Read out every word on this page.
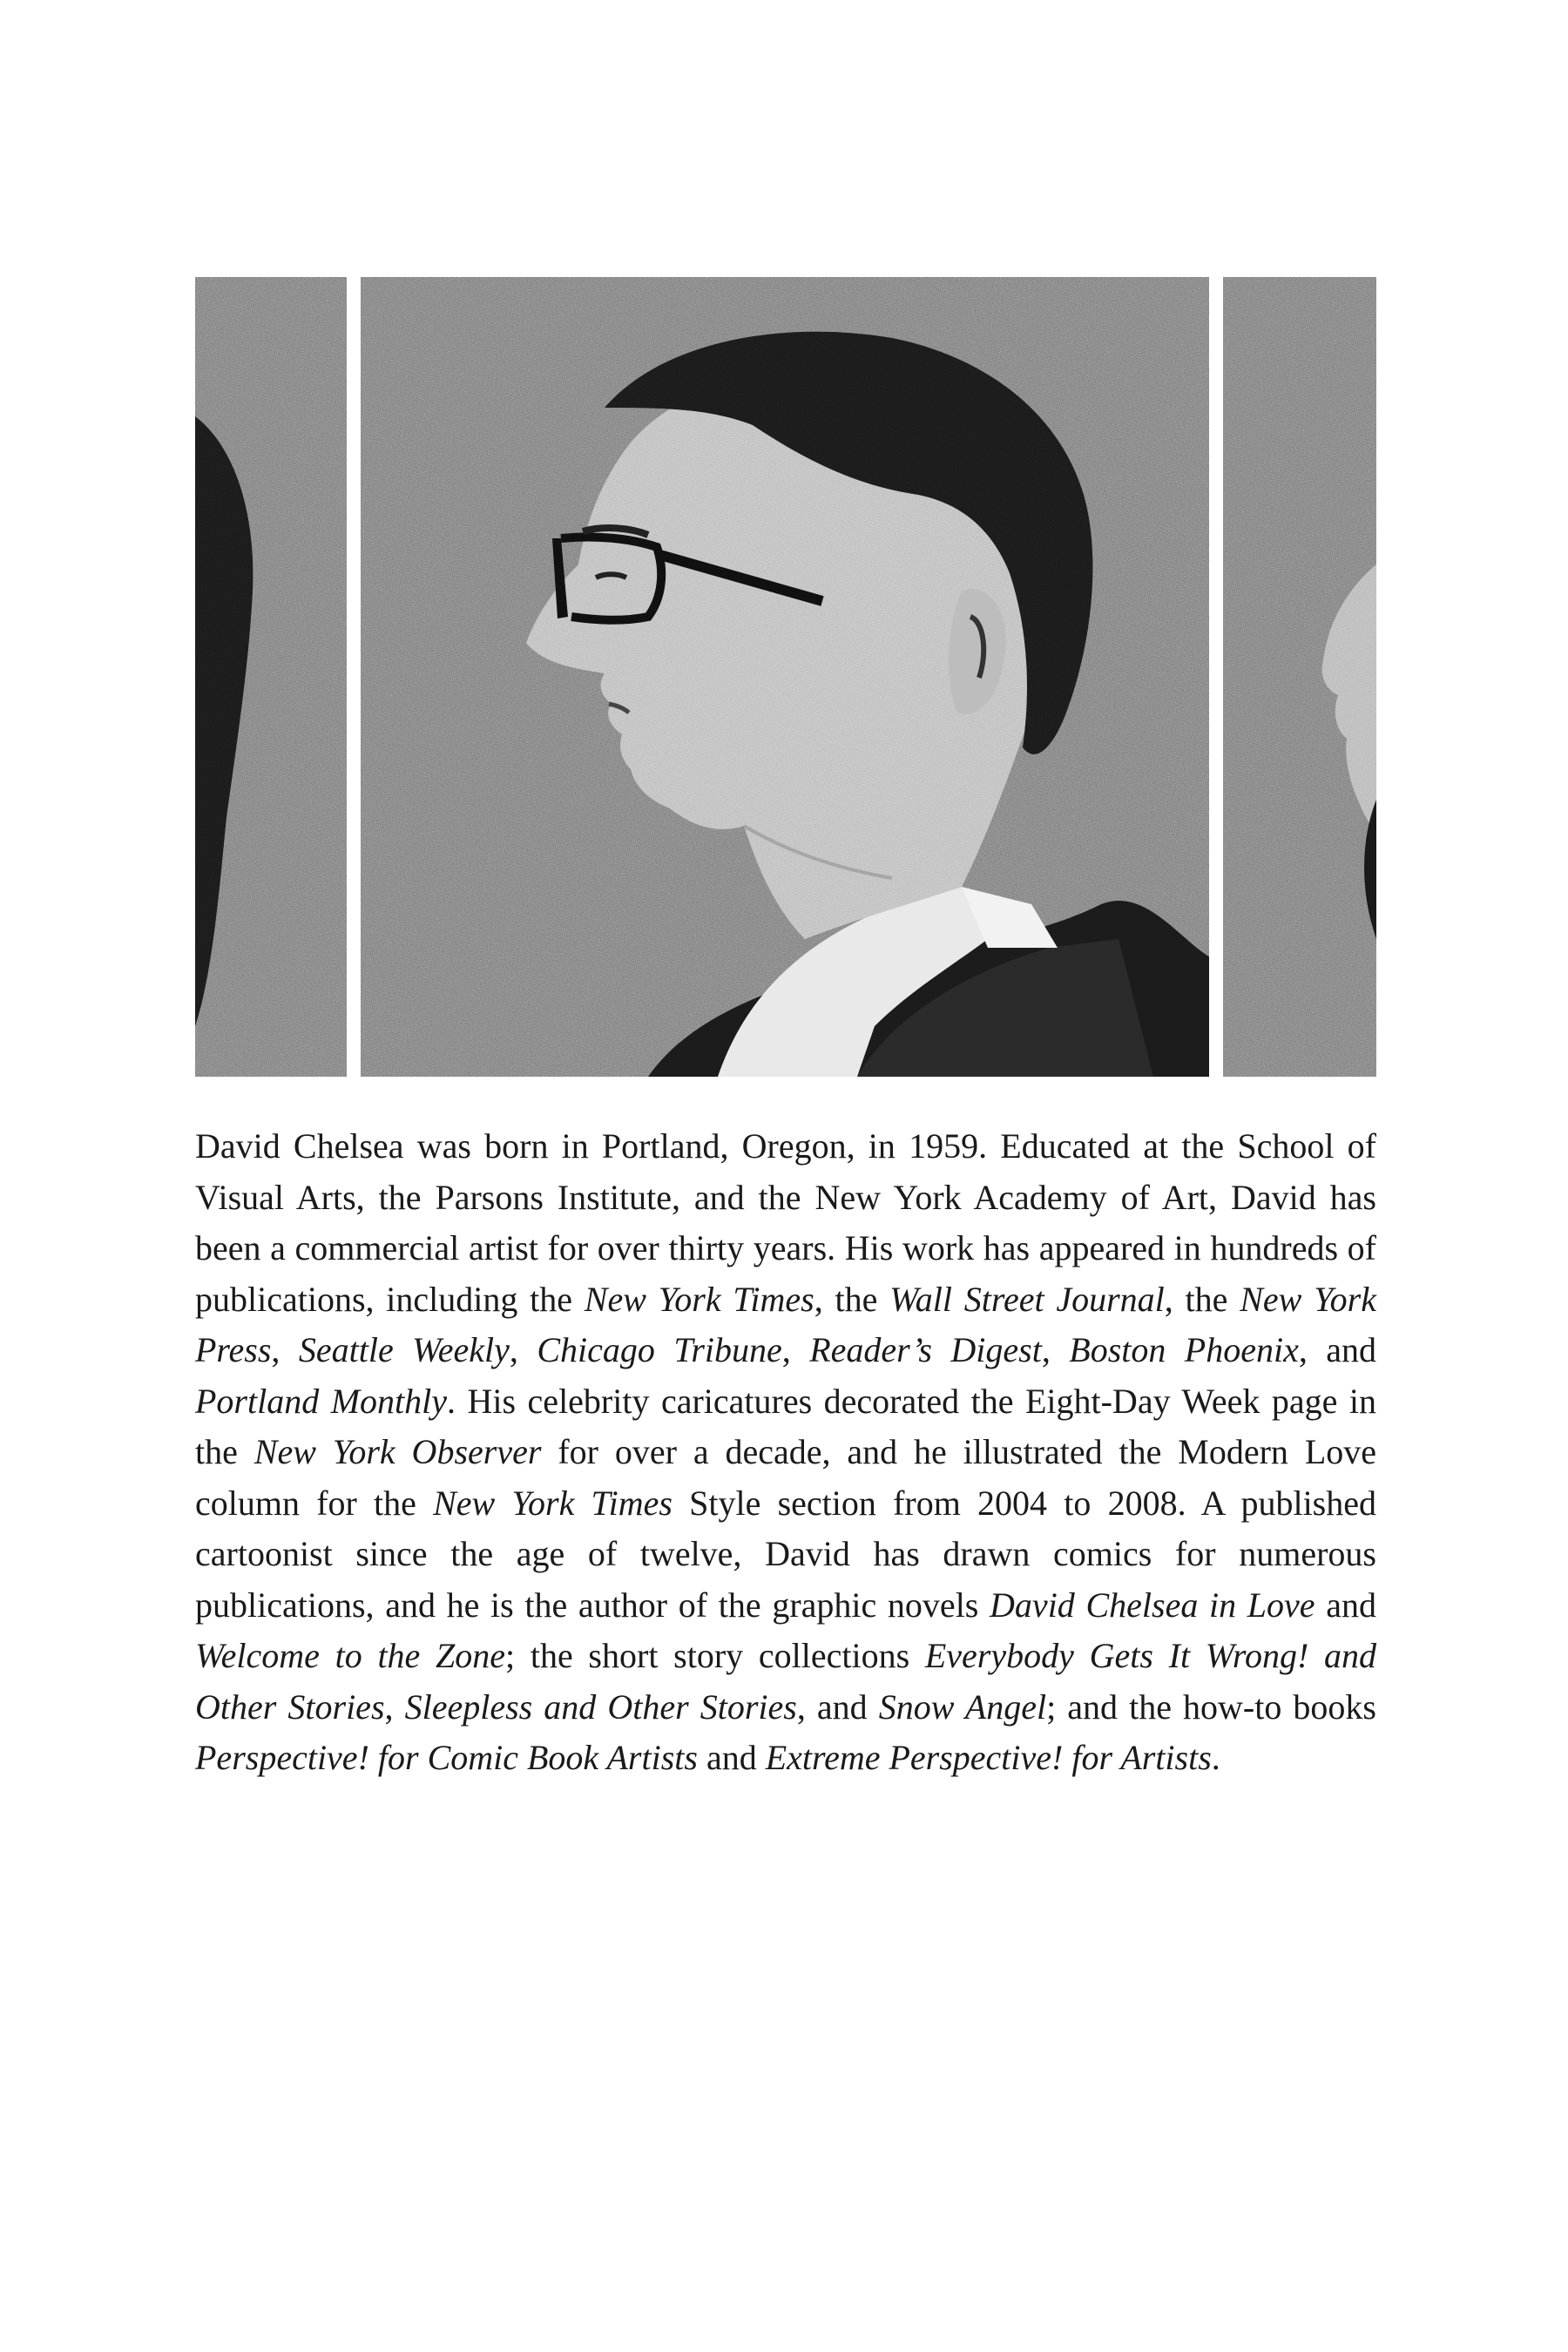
David Chelsea was born in Portland, Oregon, in 1959. Educated at the School of Visual Arts, the Parsons Institute, and the New York Academy of Art, David has been a commercial artist for over thirty years. His work has appeared in hundreds of publications, including the New York Times, the Wall Street Journal, the New York Press, Seattle Weekly, Chicago Tribune, Reader’s Digest, Boston Phoenix, and Portland Monthly. His celebrity caricatures decorated the Eight-Day Week page in the New York Observer for over a decade, and he illustrated the Modern Love column for the New York Times Style section from 2004 to 2008. A published cartoonist since the age of twelve, David has drawn comics for numerous publications, and he is the author of the graphic novels David Chelsea in Love and Welcome to the Zone; the short story collections Everybody Gets It Wrong! and Other Stories, Sleepless and Other Stories, and Snow Angel; and the how-to books Perspective! for Comic Book Artists and Extreme Perspective! for Artists.
